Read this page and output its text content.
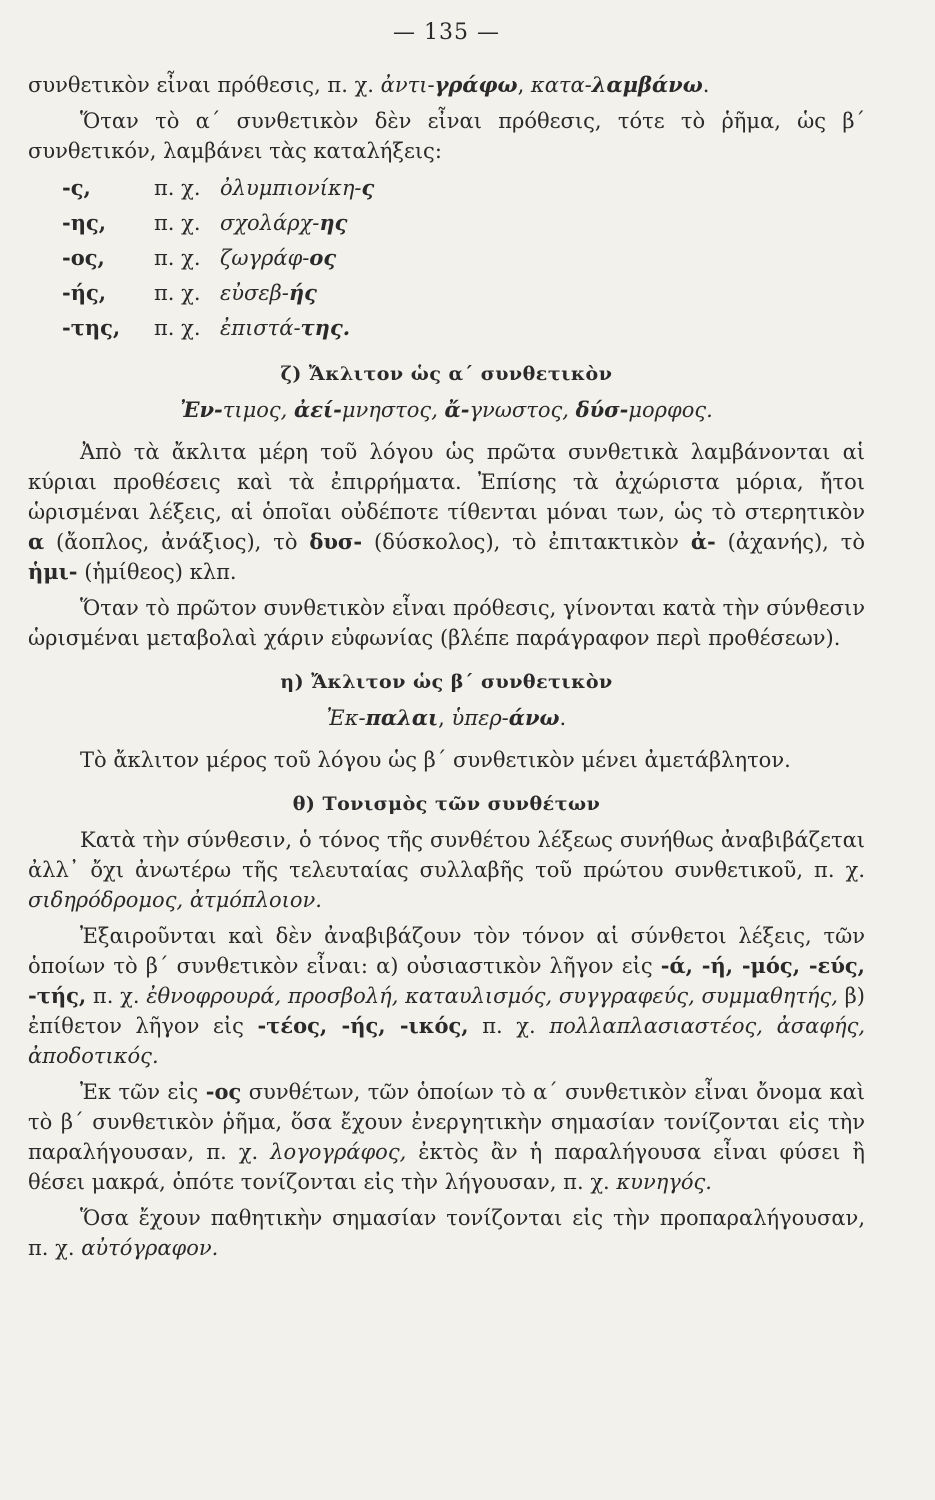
— 135 —

συνθετικὸν εἶναι πρόθεσις, π. χ. ἀντι-γράφω, κατα-λαμβάνω.

Ὅταν τὸ α΄ συνθετικὸν δὲν εἶναι πρόθεσις, τότε τὸ ῥῆμα, ὡς β΄ συνθετικόν, λαμβάνει τὰς καταλήξεις:

-ς,	π. χ. ὀλυμπιονίκη- ς
-ης,	π. χ. σχολάρχ- ης
-ος,	π. χ. ζωγράφ- ος
-ής,	π. χ. εὐσεβ- ής
-της,	π. χ. ἐπιστά- της.
ζ) Ἄκλιτον ὡς α΄ συνθετικὸν

Ἐν-τιμος, ἀεί-μνηστος, ἄ-γνωστος, δύσ-μορφος.

Ἀπὸ τὰ ἄκλιτα μέρη τοῦ λόγου ὡς πρῶτα συνθετικὰ λαμβάνονται αἱ κύριαι προθέσεις καὶ τὰ ἐπιρρήματα. Ἐπίσης τὰ ἀχώριστα μόρια, ἤτοι ὡρισμέναι λέξεις, αἱ ὁποῖαι οὐδέποτε τίθενται μόναι των, ὡς τὸ στερητικὸν α (ἄοπλος, ἀνάξιος), τὸ δυσ- (δύσκολος), τὸ ἐπιτακτικὸν ἀ- (ἀχανής), τὸ ἡμι- (ἡμίθεος) κλπ.

Ὅταν τὸ πρῶτον συνθετικὸν εἶναι πρόθεσις, γίνονται κατὰ τὴν σύνθεσιν ὡρισμέναι μεταβολαὶ χάριν εὐφωνίας (βλέπε παράγραφον περὶ προθέσεων).

η) Ἄκλιτον ὡς β΄ συνθετικὸν

Ἐκ-παλαι, ὑπερ-άνω.

Τὸ ἄκλιτον μέρος τοῦ λόγου ὡς β΄ συνθετικὸν μένει ἀμετάβλητον.

θ) Τονισμὸς τῶν συνθέτων

Κατὰ τὴν σύνθεσιν, ὁ τόνος τῆς συνθέτου λέξεως συνήθως ἀναβιβάζεται ἀλλ᾿ ὄχι ἀνωτέρω τῆς τελευταίας συλλαβῆς τοῦ πρώτου συνθετικοῦ, π. χ. σιδηρόδρομος, ἀτμόπλοιον.

Ἐξαιροῦνται καὶ δὲν ἀναβιβάζουν τὸν τόνον αἱ σύνθετοι λέξεις, τῶν ὁποίων τὸ β΄ συνθετικὸν εἶναι: α) οὐσιαστικὸν λῆγον εἰς -ά, -ή, -μός, -εύς, -τής, π. χ. ἐθνοφρουρά, προσβολή, καταυλισμός, συγγραφεύς, συμμαθητής, β) ἐπίθετον λῆγον εἰς -τέος, -ής, -ικός, π. χ. πολλαπλασιαστέος, ἀσαφής, ἀποδοτικός.

Ἐκ τῶν εἰς -ος συνθέτων, τῶν ὁποίων τὸ α΄ συνθετικὸν εἶναι ὄνομα καὶ τὸ β΄ συνθετικὸν ῥῆμα, ὅσα ἔχουν ἐνεργητικὴν σημασίαν τονίζονται εἰς τὴν παραλήγουσαν, π. χ. λογογράφος, ἐκτὸς ἂν ἡ παραλήγουσα εἶναι φύσει ἢ θέσει μακρά, ὁπότε τονίζονται εἰς τὴν λήγουσαν, π. χ. κυνηγός.

Ὅσα ἔχουν παθητικὴν σημασίαν τονίζονται εἰς τὴν προπαραλήγουσαν, π. χ. αὐτόγραφον.
